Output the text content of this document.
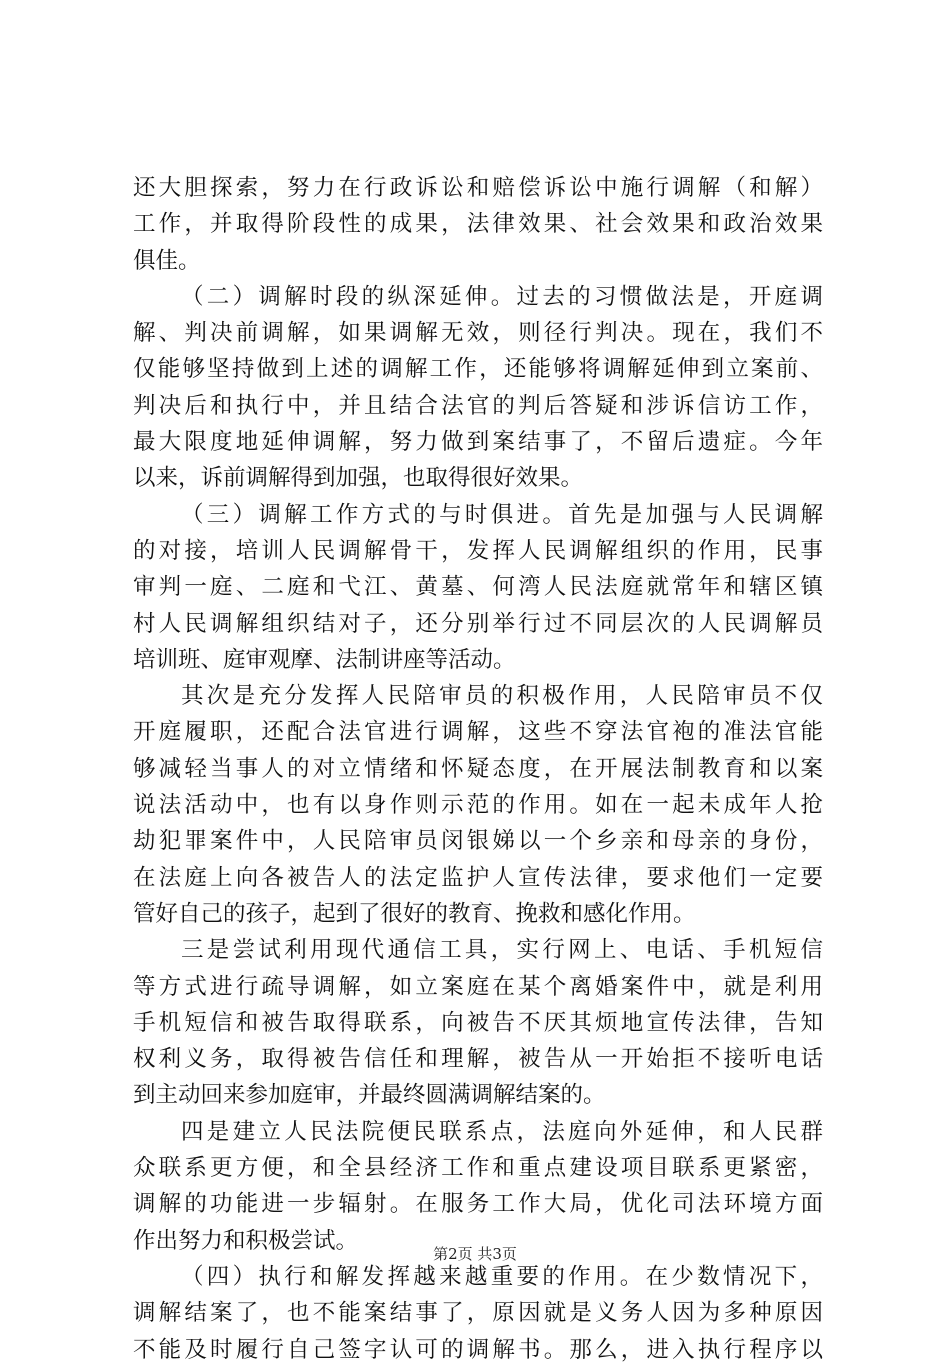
还大胆探索，努力在行政诉讼和赔偿诉讼中施行调解（和解）
工作，并取得阶段性的成果，法律效果、社会效果和政治效果
俱佳。
（二）调解时段的纵深延伸。过去的习惯做法是，开庭调
解、判决前调解，如果调解无效，则径行判决。现在，我们不
仅能够坚持做到上述的调解工作，还能够将调解延伸到立案前、
判决后和执行中，并且结合法官的判后答疑和涉诉信访工作，
最大限度地延伸调解，努力做到案结事了，不留后遗症。今年
以来，诉前调解得到加强，也取得很好效果。
（三）调解工作方式的与时俱进。首先是加强与人民调解
的对接，培训人民调解骨干，发挥人民调解组织的作用，民事
审判一庭、二庭和弋江、黄墓、何湾人民法庭就常年和辖区镇
村人民调解组织结对子，还分别举行过不同层次的人民调解员
培训班、庭审观摩、法制讲座等活动。
其次是充分发挥人民陪审员的积极作用，人民陪审员不仅
开庭履职，还配合法官进行调解，这些不穿法官袍的准法官能
够减轻当事人的对立情绪和怀疑态度，在开展法制教育和以案
说法活动中，也有以身作则示范的作用。如在一起未成年人抢
劫犯罪案件中，人民陪审员闵银娣以一个乡亲和母亲的身份，
在法庭上向各被告人的法定监护人宣传法律，要求他们一定要
管好自己的孩子，起到了很好的教育、挽救和感化作用。
三是尝试利用现代通信工具，实行网上、电话、手机短信
等方式进行疏导调解，如立案庭在某个离婚案件中，就是利用
手机短信和被告取得联系，向被告不厌其烦地宣传法律，告知
权利义务，取得被告信任和理解，被告从一开始拒不接听电话
到主动回来参加庭审，并最终圆满调解结案的。
四是建立人民法院便民联系点，法庭向外延伸，和人民群
众联系更方便，和全县经济工作和重点建设项目联系更紧密，
调解的功能进一步辐射。在服务工作大局，优化司法环境方面
作出努力和积极尝试。
（四）执行和解发挥越来越重要的作用。在少数情况下，
调解结案了，也不能案结事了，原因就是义务人因为多种原因
不能及时履行自己签字认可的调解书。那么，进入执行程序以
第2页 共3页
